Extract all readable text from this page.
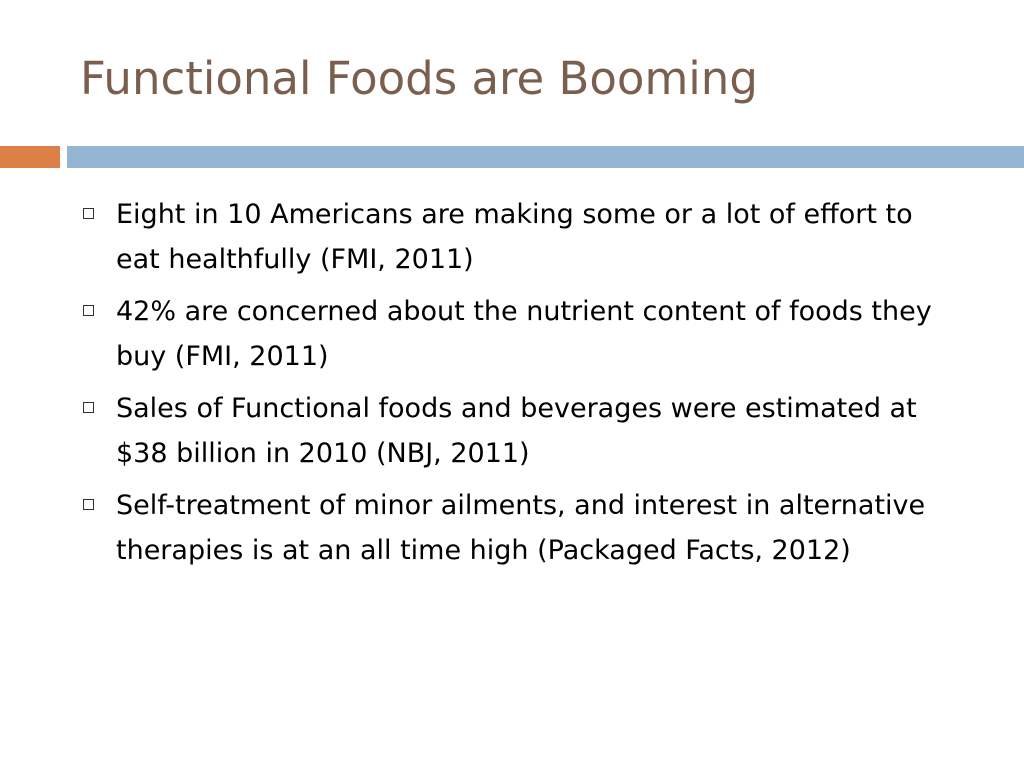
Functional Foods are Booming
Eight in 10 Americans are making some or a lot of effort to eat healthfully (FMI, 2011)
42% are concerned about the nutrient content of foods they buy (FMI, 2011)
Sales of Functional foods and beverages were estimated at $38 billion in 2010 (NBJ, 2011)
Self-treatment of minor ailments, and interest in alternative therapies is at an all time high (Packaged Facts, 2012)
